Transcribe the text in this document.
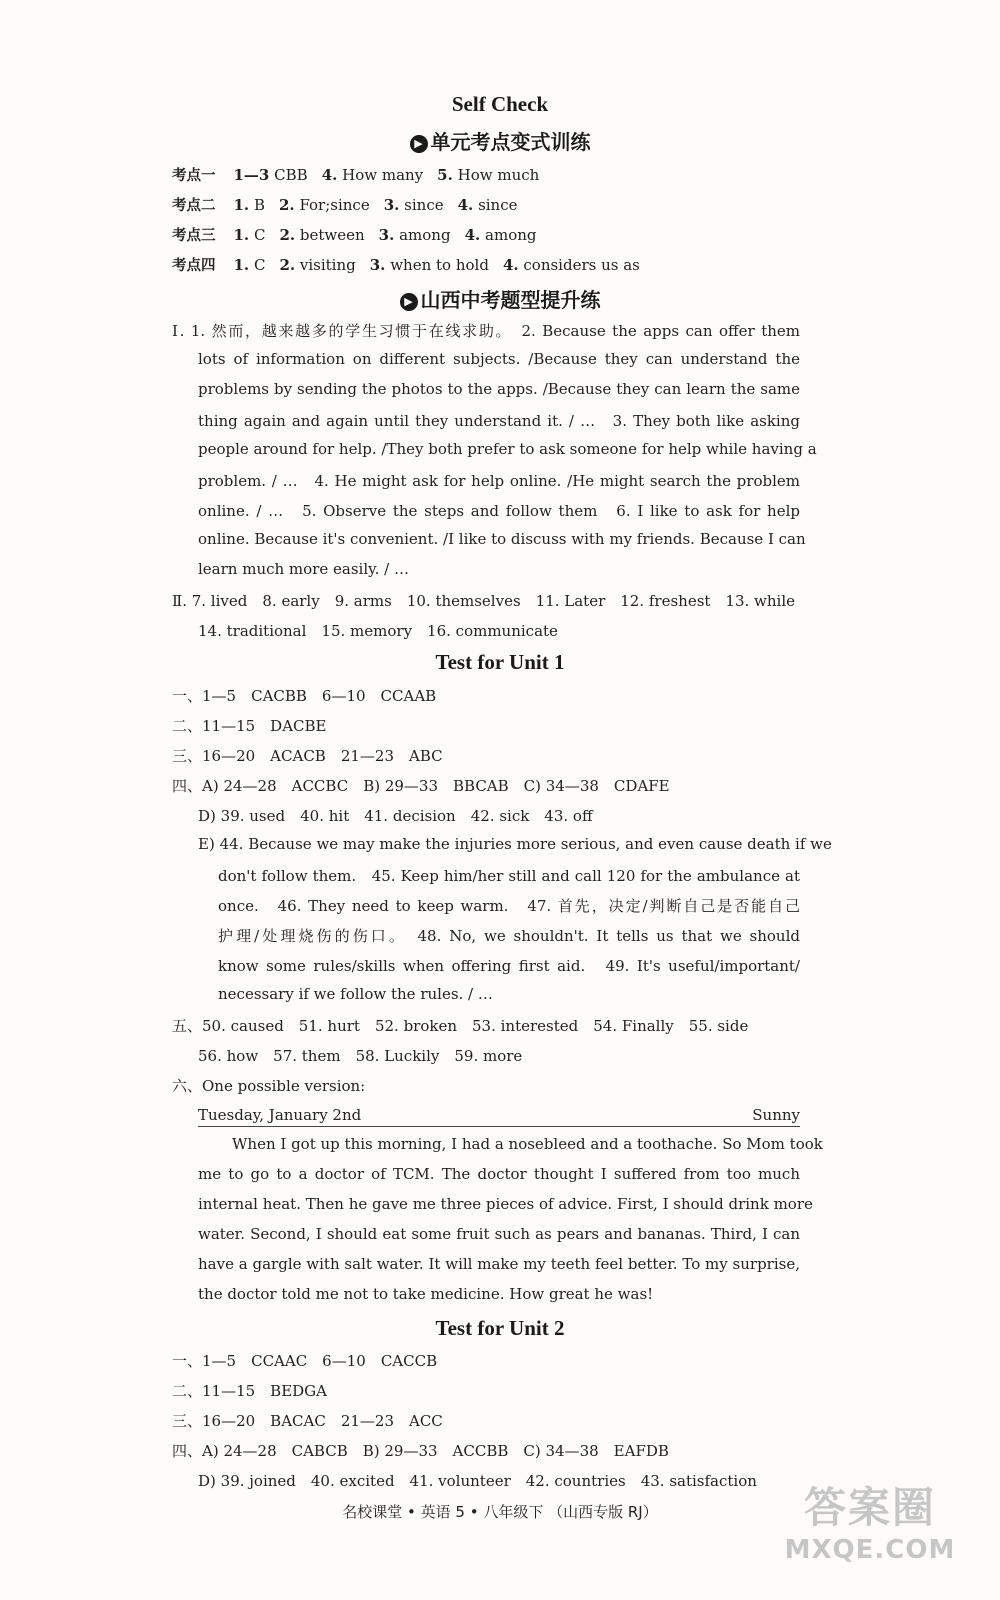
Self Check
▶ 单元考点变式训练
考点一 1—3 CBB 4. How many 5. How much
考点二 1. B 2. For;since 3. since 4. since
考点三 1. C 2. between 3. among 4. among
考点四 1. C 2. visiting 3. when to hold 4. considers us as
▶ 山西中考题型提升练
Ⅰ. 1. 然而，越来越多的学生习惯于在线求助。　2. Because the apps can offer them
lots of information on different subjects. /Because they can understand the
problems by sending the photos to the apps. /Because they can learn the same
thing again and again until they understand it. / …　3. They both like asking
people around for help. /They both prefer to ask someone for help while having a
problem. / …　4. He might ask for help online. /He might search the problem
online. / …　5. Observe the steps and follow them　6. I like to ask for help
online. Because it's convenient. /I like to discuss with my friends. Because I can
learn much more easily. / …
Ⅱ. 7. lived　8. early　9. arms　10. themselves　11. Later　12. freshest　13. while
14. traditional　15. memory　16. communicate
Test for Unit 1
一、1—5　CACBB　6—10　CCAAB
二、11—15　DACBE
三、16—20　ACACB　21—23　ABC
四、A) 24—28　ACCBC　B) 29—33　BBCAB　C) 34—38　CDAFE
D) 39. used　40. hit　41. decision　42. sick　43. off
E) 44. Because we may make the injuries more serious, and even cause death if we
don't follow them.　45. Keep him/her still and call 120 for the ambulance at
once.　46. They need to keep warm.　47. 首先，决定/判断自己是否能自己
护理/处理烧伤的伤口。　48. No, we shouldn't. It tells us that we should
know some rules/skills when offering first aid.　49. It's useful/important/
necessary if we follow the rules. / …
五、50. caused　51. hurt　52. broken　53. interested　54. Finally　55. side
56. how　57. them　58. Luckily　59. more
六、One possible version:
Tuesday, January 2nd	Sunny
When I got up this morning, I had a nosebleed and a toothache. So Mom took
me to go to a doctor of TCM. The doctor thought I suffered from too much
internal heat. Then he gave me three pieces of advice. First, I should drink more
water. Second, I should eat some fruit such as pears and bananas. Third, I can
have a gargle with salt water. It will make my teeth feel better. To my surprise,
the doctor told me not to take medicine. How great he was!
Test for Unit 2
一、1—5　CCAAC　6—10　CACCB
二、11—15　BEDGA
三、16—20　BACAC　21—23　ACC
四、A) 24—28　CABCB　B) 29—33　ACCBB　C) 34—38　EAFDB
D) 39. joined　40. excited　41. volunteer　42. countries　43. satisfaction
名校课堂 • 英语 5 • 八年级下 （山西专版 RJ）	答案圈
MXQE.COM
